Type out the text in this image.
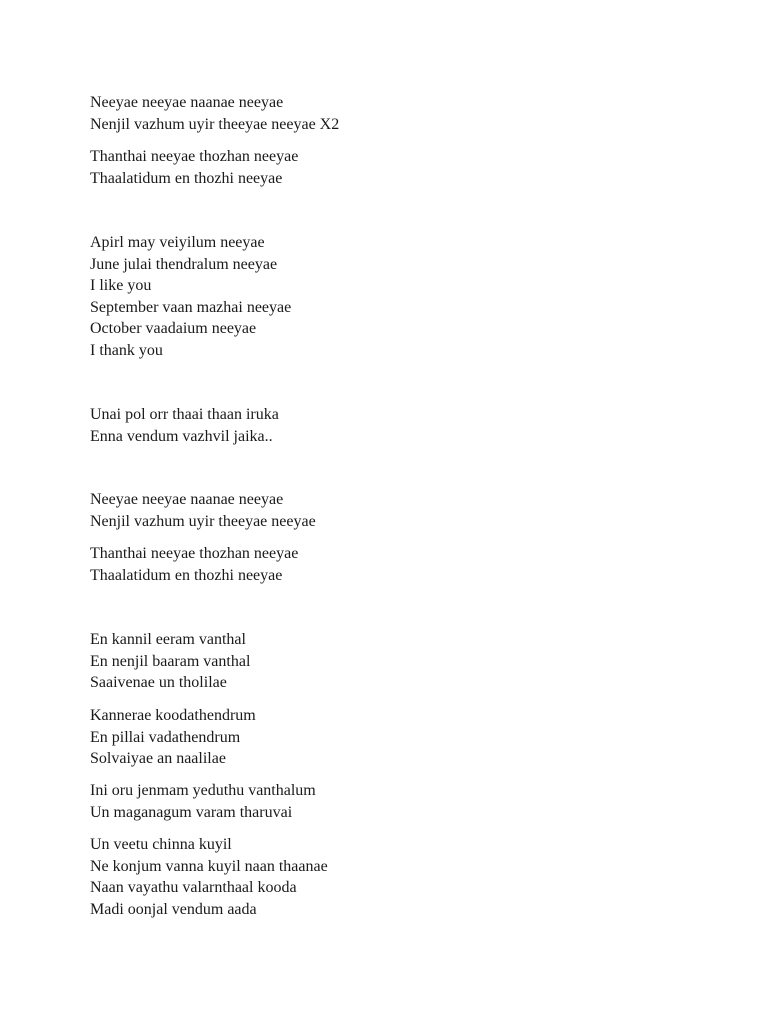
Neeyae neeyae naanae neeyae
Nenjil vazhum uyir theeyae neeyae X2
Thanthai neeyae thozhan neeyae
Thaalatidum en thozhi neeyae
Apirl may veiyilum neeyae
June julai thendralum neeyae
I like you
September vaan mazhai neeyae
October vaadaium neeyae
I thank you
Unai pol orr thaai thaan iruka
Enna vendum vazhvil jaika..
Neeyae neeyae naanae neeyae
Nenjil vazhum uyir theeyae neeyae
Thanthai neeyae thozhan neeyae
Thaalatidum en thozhi neeyae
En kannil eeram vanthal
En nenjil baaram vanthal
Saaivenae un tholilae
Kannerae koodathendrum
En pillai vadathendrum
Solvaiyae an naalilae
Ini oru jenmam yeduthu vanthalum
Un maganagum varam tharuvai
Un veetu chinna kuyil
Ne konjum vanna kuyil naan thaanae
Naan vayathu valarnthaal kooda
Madi oonjal vendum aada
